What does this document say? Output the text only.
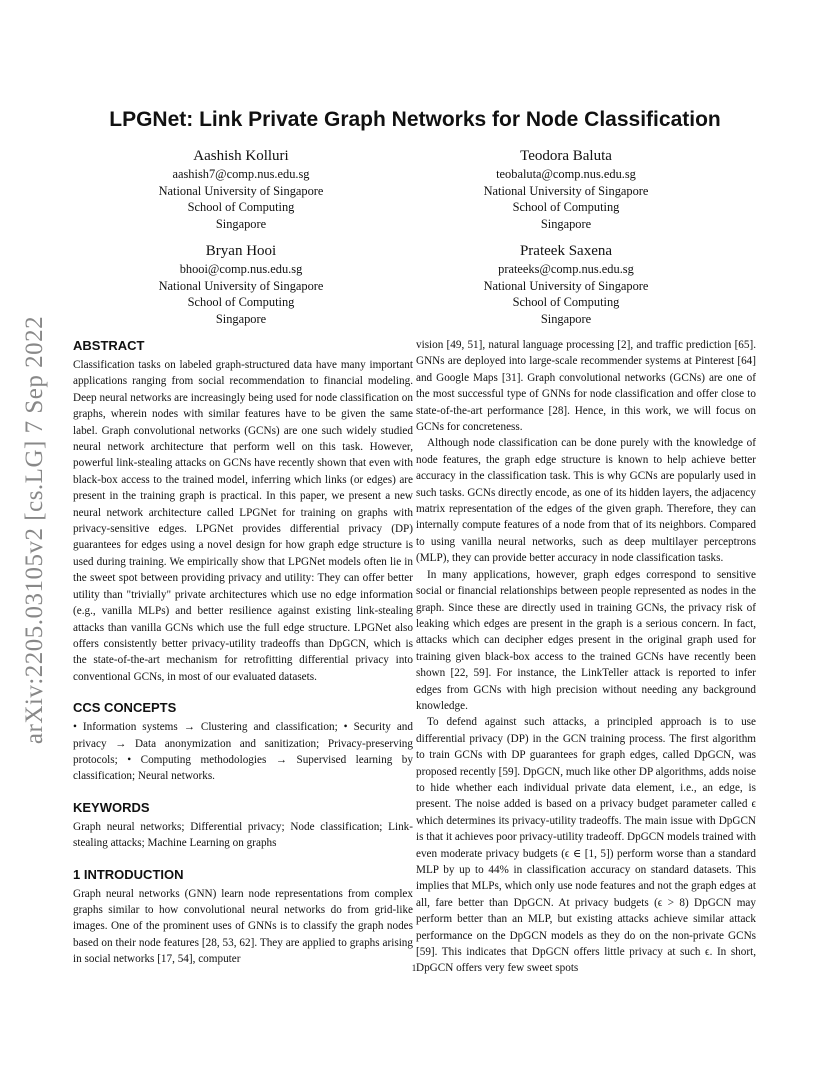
arXiv:2205.03105v2 [cs.LG] 7 Sep 2022
LPGNet: Link Private Graph Networks for Node Classification
Aashish Kolluri
aashish7@comp.nus.edu.sg
National University of Singapore
School of Computing
Singapore
Teodora Baluta
teobaluta@comp.nus.edu.sg
National University of Singapore
School of Computing
Singapore
Bryan Hooi
bhooi@comp.nus.edu.sg
National University of Singapore
School of Computing
Singapore
Prateek Saxena
prateeks@comp.nus.edu.sg
National University of Singapore
School of Computing
Singapore
ABSTRACT

Classification tasks on labeled graph-structured data have many important applications ranging from social recommendation to financial modeling. Deep neural networks are increasingly being used for node classification on graphs, wherein nodes with similar features have to be given the same label. Graph convolutional networks (GCNs) are one such widely studied neural network architecture that perform well on this task. However, powerful link-stealing attacks on GCNs have recently shown that even with black-box access to the trained model, inferring which links (or edges) are present in the training graph is practical. In this paper, we present a new neural network architecture called LPGNet for training on graphs with privacy-sensitive edges. LPGNet provides differential privacy (DP) guarantees for edges using a novel design for how graph edge structure is used during training. We empirically show that LPGNet models often lie in the sweet spot between providing privacy and utility: They can offer better utility than "trivially" private architectures which use no edge information (e.g., vanilla MLPs) and better resilience against existing link-stealing attacks than vanilla GCNs which use the full edge structure. LPGNet also offers consistently better privacy-utility tradeoffs than DpGCN, which is the state-of-the-art mechanism for retrofitting differential privacy into conventional GCNs, in most of our evaluated datasets.

CCS CONCEPTS

• Information systems → Clustering and classification; • Security and privacy → Data anonymization and sanitization; Privacy-preserving protocols; • Computing methodologies → Supervised learning by classification; Neural networks.

KEYWORDS

Graph neural networks; Differential privacy; Node classification; Link-stealing attacks; Machine Learning on graphs

1 INTRODUCTION

Graph neural networks (GNN) learn node representations from complex graphs similar to how convolutional neural networks do from grid-like images. One of the prominent uses of GNNs is to classify the graph nodes based on their node features [28, 53, 62]. They are applied to graphs arising in social networks [17, 54], computer

vision [49, 51], natural language processing [2], and traffic prediction [65]. GNNs are deployed into large-scale recommender systems at Pinterest [64] and Google Maps [31]. Graph convolutional networks (GCNs) are one of the most successful type of GNNs for node classification and offer close to state-of-the-art performance [28]. Hence, in this work, we will focus on GCNs for concreteness.

Although node classification can be done purely with the knowledge of node features, the graph edge structure is known to help achieve better accuracy in the classification task. This is why GCNs are popularly used in such tasks. GCNs directly encode, as one of its hidden layers, the adjacency matrix representation of the edges of the given graph. Therefore, they can internally compute features of a node from that of its neighbors. Compared to using vanilla neural networks, such as deep multilayer perceptrons (MLP), they can provide better accuracy in node classification tasks.

In many applications, however, graph edges correspond to sensitive social or financial relationships between people represented as nodes in the graph. Since these are directly used in training GCNs, the privacy risk of leaking which edges are present in the graph is a serious concern. In fact, attacks which can decipher edges present in the original graph used for training given black-box access to the trained GCNs have recently been shown [22, 59]. For instance, the LinkTeller attack is reported to infer edges from GCNs with high precision without needing any background knowledge.

To defend against such attacks, a principled approach is to use differential privacy (DP) in the GCN training process. The first algorithm to train GCNs with DP guarantees for graph edges, called DpGCN, was proposed recently [59]. DpGCN, much like other DP algorithms, adds noise to hide whether each individual private data element, i.e., an edge, is present. The noise added is based on a privacy budget parameter called ϵ which determines its privacy-utility tradeoffs. The main issue with DpGCN is that it achieves poor privacy-utility tradeoff. DpGCN models trained with even moderate privacy budgets (ϵ ∈ [1, 5]) perform worse than a standard MLP by up to 44% in classification accuracy on standard datasets. This implies that MLPs, which only use node features and not the graph edges at all, fare better than DpGCN. At privacy budgets (ϵ > 8) DpGCN may perform better than an MLP, but existing attacks achieve similar attack performance on the DpGCN models as they do on the non-private GCNs [59]. This indicates that DpGCN offers little privacy at such ϵ. In short, DpGCN offers very few sweet spots

1
